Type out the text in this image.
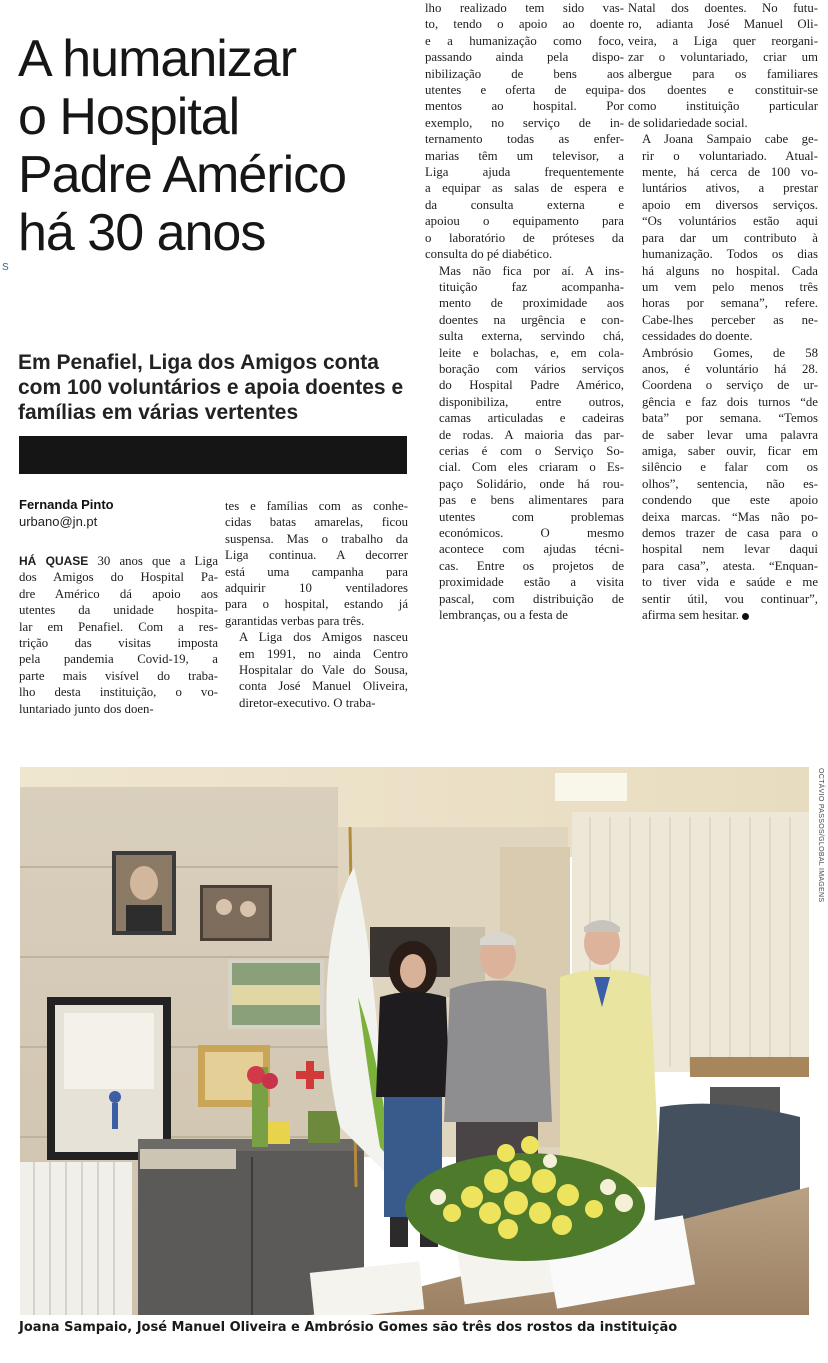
A humanizar
o Hospital
Padre Américo
há 30 anos
S
Em Penafiel, Liga dos Amigos conta com 100 voluntários e apoia doentes e famílias em várias vertentes
Fernanda Pinto
urbano@jn.pt

HÁ QUASE 30 anos que a Liga
dos Amigos do Hospital Pa-
dre Américo dá apoio aos
utentes da unidade hospita-
lar em Penafiel. Com a res-
trição das visitas imposta
pela pandemia Covid-19, a
parte mais visível do traba-
lho desta instituição, o vo-
luntariado junto dos doen-

tes e famílias com as conhe-
cidas batas amarelas, ficou
suspensa. Mas o trabalho da
Liga continua. A decorrer
está uma campanha para
adquirir 10 ventiladores
para o hospital, estando já
garantidas verbas para três.

A Liga dos Amigos nasceu
em 1991, no ainda Centro
Hospitalar do Vale do Sousa,
conta José Manuel Oliveira,
diretor-executivo. O traba-

lho realizado tem sido vas-
to, tendo o apoio ao doente
e a humanização como foco,
passando ainda pela dispo-
nibilização de bens aos
utentes e oferta de equipa-
mentos ao hospital. Por
exemplo, no serviço de in-
ternamento todas as enfer-
marias têm um televisor, a
Liga ajuda frequentemente
a equipar as salas de espera e
da consulta externa e
apoiou o equipamento para
o laboratório de próteses da
consulta do pé diabético.

Mas não fica por aí. A ins-
tituição faz acompanha-
mento de proximidade aos
doentes na urgência e con-
sulta externa, servindo chá,
leite e bolachas, e, em cola-
boração com vários serviços
do Hospital Padre Américo,
disponibiliza, entre outros,
camas articuladas e cadeiras
de rodas. A maioria das par-
cerias é com o Serviço So-
cial. Com eles criaram o Es-
paço Solidário, onde há rou-
pas e bens alimentares para
utentes com problemas
económicos. O mesmo
acontece com ajudas técni-
cas. Entre os projetos de
proximidade estão a visita
pascal, com distribuição de
lembranças, ou a festa de

Natal dos doentes. No futu-
ro, adianta José Manuel Oli-
veira, a Liga quer reorgani-
zar o voluntariado, criar um
albergue para os familiares
dos doentes e constituir-se
como instituição particular
de solidariedade social.

A Joana Sampaio cabe ge-
rir o voluntariado. Atual-
mente, há cerca de 100 vo-
luntários ativos, a prestar
apoio em diversos serviços.
“Os voluntários estão aqui
para dar um contributo à
humanização. Todos os dias
há alguns no hospital. Cada
um vem pelo menos três
horas por semana”, refere.
Cabe-lhes perceber as ne-
cessidades do doente.

Ambrósio Gomes, de 58
anos, é voluntário há 28.
Coordena o serviço de ur-
gência e faz dois turnos “de
bata” por semana. “Temos
de saber levar uma palavra
amiga, saber ouvir, ficar em
silêncio e falar com os
olhos”, sentencia, não es-
condendo que este apoio
deixa marcas. “Mas não po-
demos trazer de casa para o
hospital nem levar daqui
para casa”, atesta. “Enquan-
to tiver vida e saúde e me
sentir útil, vou continuar”,
afirma sem hesitar.

OCTÁVIO PASSOS/GLOBAL IMAGENS
Joana Sampaio, José Manuel Oliveira e Ambrósio Gomes são três dos rostos da instituição
